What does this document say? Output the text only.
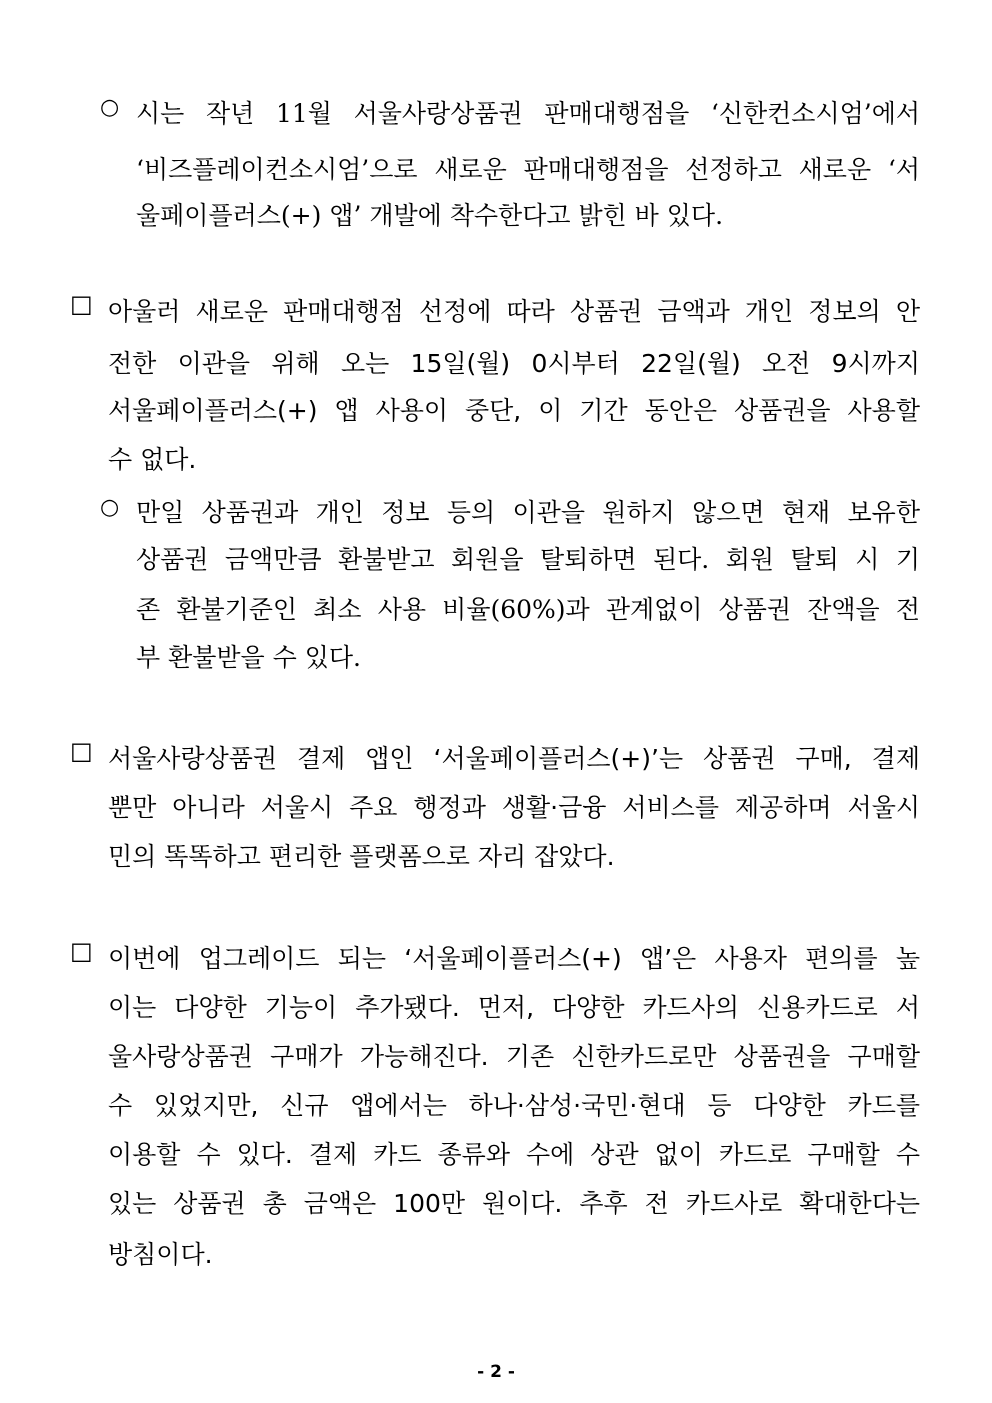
○ 시는 작년 11월 서울사랑상품권 판매대행점을 ‘신한컨소시엄’에서

‘비즈플레이컨소시엄’으로 새로운 판매대행점을 선정하고 새로운 ‘서

울페이플러스(+) 앱’ 개발에 착수한다고 밝힌 바 있다.

□ 아울러 새로운 판매대행점 선정에 따라 상품권 금액과 개인 정보의 안

전한 이관을 위해 오는 15일(월) 0시부터 22일(월) 오전 9시까지

서울페이플러스(+) 앱 사용이 중단, 이 기간 동안은 상품권을 사용할

수 없다.

○ 만일 상품권과 개인 정보 등의 이관을 원하지 않으면 현재 보유한

상품권 금액만큼 환불받고 회원을 탈퇴하면 된다. 회원 탈퇴 시 기

존 환불기준인 최소 사용 비율(60%)과 관계없이 상품권 잔액을 전

부 환불받을 수 있다.

□ 서울사랑상품권 결제 앱인 ‘서울페이플러스(+)’는 상품권 구매, 결제

뿐만 아니라 서울시 주요 행정과 생활·금융 서비스를 제공하며 서울시

민의 똑똑하고 편리한 플랫폼으로 자리 잡았다.

□ 이번에 업그레이드 되는 ‘서울페이플러스(+) 앱’은 사용자 편의를 높

이는 다양한 기능이 추가됐다. 먼저, 다양한 카드사의 신용카드로 서

울사랑상품권 구매가 가능해진다. 기존 신한카드로만 상품권을 구매할

수 있었지만, 신규 앱에서는 하나·삼성·국민·현대 등 다양한 카드를

이용할 수 있다. 결제 카드 종류와 수에 상관 없이 카드로 구매할 수

있는 상품권 총 금액은 100만 원이다. 추후 전 카드사로 확대한다는

방침이다.

- 2 -
